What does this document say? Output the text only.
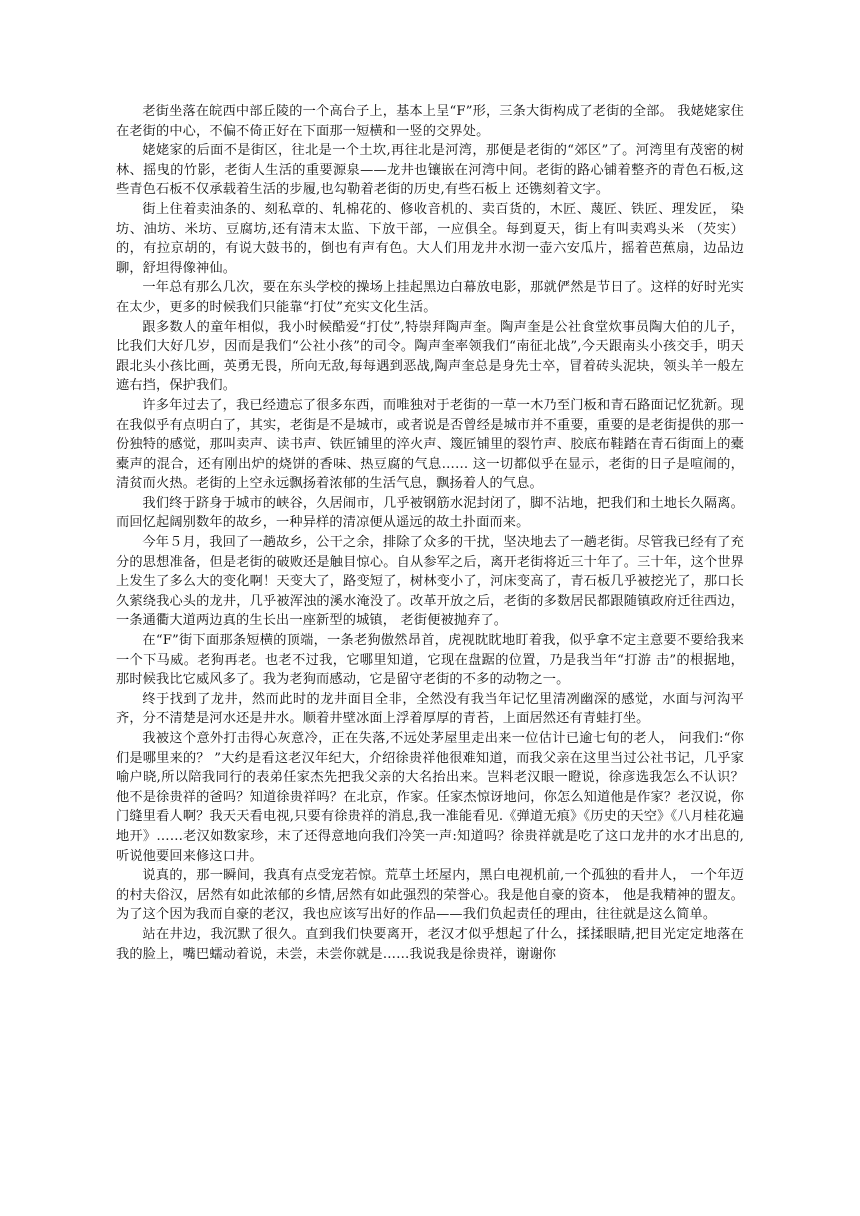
老街坐落在皖西中部丘陵的一个高台子上，基本上呈“F”形，三条大街构成了老街的全部。 我姥姥家住在老街的中心，不偏不倚正好在下面那一短横和一竖的交界处。

姥姥家的后面不是街区，往北是一个土坎,再往北是河湾，那便是老街的“郊区”了。河湾里有茂密的树林、摇曳的竹影，老街人生活的重要源泉——龙井也镶嵌在河湾中间。老街的路心铺着整齐的青色石板,这些青色石板不仅承载着生活的步履,也勾勒着老街的历史,有些石板上 还镌刻着文字。

街上住着卖油条的、刻私章的、轧棉花的、修收音机的、卖百货的，木匠、蔑匠、铁匠、理发匠， 染坊、油坊、米坊、豆腐坊,还有清末太监、下放干部，一应俱全。每到夏天，街上有叫卖鸡头米 （芡实）的，有拉京胡的，有说大鼓书的，倒也有声有色。大人们用龙井水沏一壶六安瓜片，摇着芭蕉扇，边品边聊，舒坦得像神仙。

一年总有那么几次，要在东头学校的操场上挂起黑边白幕放电影，那就俨然是节日了。这样的好时光实在太少，更多的时候我们只能靠“打仗”充实文化生活。

跟多数人的童年相似，我小时候酷爱“打仗”,特崇拜陶声奎。陶声奎是公社食堂炊事员陶大伯的儿子，比我们大好几岁，因而是我们“公社小孩”的司令。陶声奎率领我们“南征北战”,今天跟南头小孩交手，明天跟北头小孩比画，英勇无畏，所向无敌,每每遇到恶战,陶声奎总是身先士卒，冒着砖头泥块，领头羊一般左遮右挡，保护我们。

许多年过去了，我已经遗忘了很多东西，而唯独对于老街的一草一木乃至门板和青石路面记忆犹新。现在我似乎有点明白了，其实，老街是不是城市，或者说是否曾经是城市并不重要，重要的是老街提供的那一份独特的感觉，那叫卖声、读书声、铁匠铺里的淬火声、篾匠铺里的裂竹声、胶底布鞋踏在青石街面上的橐橐声的混合，还有刚出炉的烧饼的香味、热豆腐的气息…… 这一切都似乎在显示，老街的日子是喧闹的，清贫而火热。老街的上空永远飘扬着浓郁的生活气息，飘扬着人的气息。

我们终于跻身于城市的峡谷，久居闹市，几乎被钢筋水泥封闭了，脚不沾地，把我们和土地长久隔离。而回忆起阔别数年的故乡，一种异样的清凉便从遥远的故土扑面而来。

今年５月，我回了一趟故乡，公干之余，排除了众多的干扰，坚决地去了一趟老街。尽管我已经有了充分的思想准备，但是老街的破败还是触目惊心。自从参军之后，离开老街将近三十年了。三十年，这个世界上发生了多么大的变化啊！天变大了，路变短了，树林变小了，河床变高了，青石板几乎被挖光了，那口长久萦绕我心头的龙井，几乎被浑浊的溪水淹没了。改革开放之后，老街的多数居民都跟随镇政府迁往西边，一条通衢大道两边真的生长出一座新型的城镇， 老街便被抛弃了。

在“F”街下面那条短横的顶端，一条老狗傲然昂首，虎视眈眈地盯着我，似乎拿不定主意要不要给我来一个下马威。老狗再老。也老不过我，它哪里知道，它现在盘踞的位置，乃是我当年“打游 击”的根据地，那时候我比它威风多了。我为老狗而感动，它是留守老街的不多的动物之一。

终于找到了龙井，然而此时的龙井面目全非，全然没有我当年记忆里清冽幽深的感觉，水面与河沟平齐，分不清楚是河水还是井水。顺着井壁冰面上浮着厚厚的青苔，上面居然还有青蛙打坐。

我被这个意外打击得心灰意冷，正在失落,不远处茅屋里走出来一位估计已逾七旬的老人， 问我们:“你们是哪里来的？ ”大约是看这老汉年纪大，介绍徐贵祥他很难知道，而我父亲在这里当过公社书记，几乎家喻户晓,所以陪我同行的表弟任家杰先把我父亲的大名抬出来。岂料老汉眼一瞪说，徐彦选我怎么不认识？他不是徐贵祥的爸吗？知道徐贵祥吗？在北京，作家。任家杰惊讶地问，你怎么知道他是作家？老汉说，你门缝里看人啊？我天天看电视,只要有徐贵祥的消息,我一准能看见.《弹道无痕》《历史的天空》《八月桂花遍地开》……老汉如数家珍，末了还得意地向我们冷笑一声:知道吗？徐贵祥就是吃了这口龙井的水才出息的,听说他要回来修这口井。

说真的，那一瞬间，我真有点受宠若惊。荒草土坯屋内，黑白电视机前,一个孤独的看井人， 一个年迈的村夫俗汉，居然有如此浓郁的乡情,居然有如此强烈的荣誉心。我是他自豪的资本， 他是我精神的盟友。为了这个因为我而自豪的老汉，我也应该写出好的作品——我们负起责任的理由，往往就是这么简单。

站在井边，我沉默了很久。直到我们快要离开，老汉才似乎想起了什么，揉揉眼睛,把目光定定地落在我的脸上，嘴巴蠕动着说，未尝，未尝你就是……我说我是徐贵祥，谢谢你
